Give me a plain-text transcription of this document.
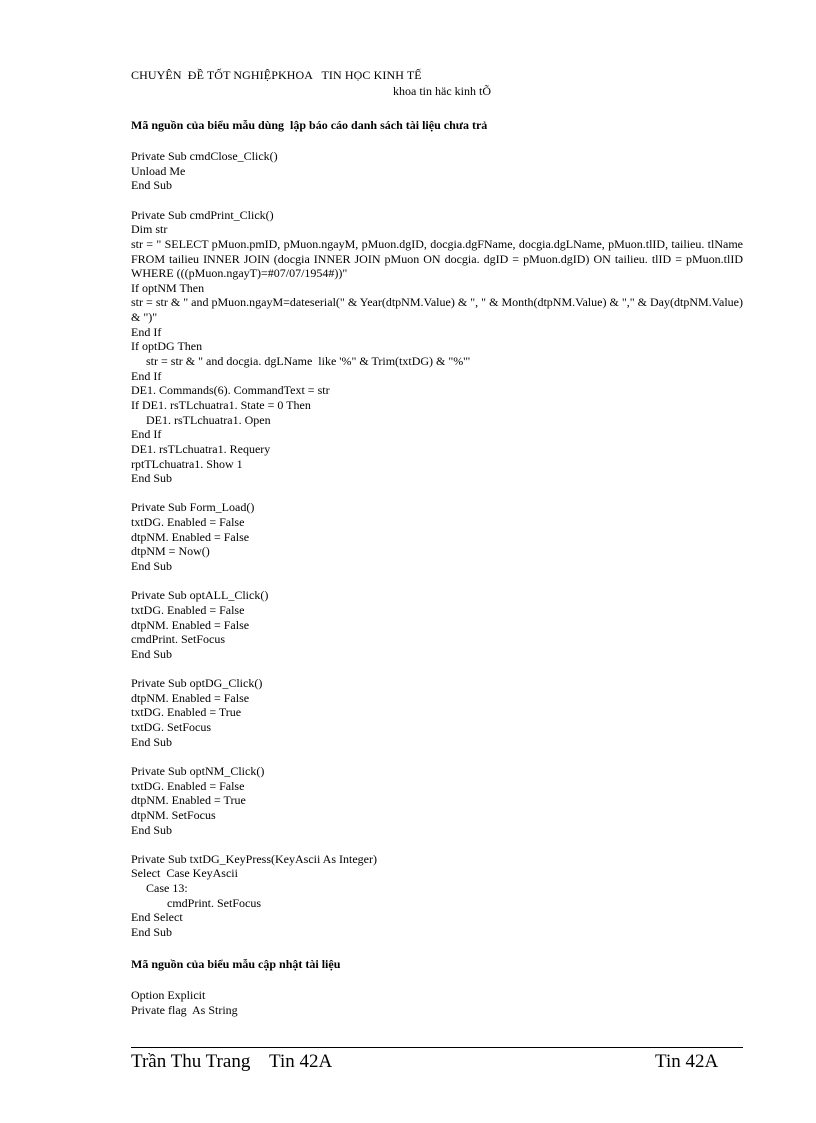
CHUYÊN  ĐỀ TỐT NGHIỆPKHOA   TIN HỌC KINH TẾ
khoa tin häc kinh tÕ
Mã nguồn của biểu mẫu dùng  lập báo cáo danh sách tài liệu chưa trả
Private Sub cmdClose_Click()
Unload Me
End Sub
Private Sub cmdPrint_Click()
Dim str
str = " SELECT pMuon.pmID, pMuon.ngayM, pMuon.dgID, docgia.dgFName, docgia.dgLName, pMuon.tlID, tailieu. tlName FROM tailieu INNER JOIN (docgia INNER JOIN pMuon ON docgia. dgID = pMuon.dgID) ON tailieu. tlID = pMuon.tlID WHERE (((pMuon.ngayT)=#07/07/1954#))"
If optNM Then
str = str & " and pMuon.ngayM=dateserial(" & Year(dtpNM.Value) & ", " & Month(dtpNM.Value) & "," & Day(dtpNM.Value) & ")"
End If
If optDG Then
str = str & " and docgia. dgLName  like '%" & Trim(txtDG) & "%'"
End If
DE1. Commands(6). CommandText = str
If DE1. rsTLchuatra1. State = 0 Then
DE1. rsTLchuatra1. Open
End If
DE1. rsTLchuatra1. Requery
rptTLchuatra1. Show 1
End Sub
Private Sub Form_Load()
txtDG. Enabled = False
dtpNM. Enabled = False
dtpNM = Now()
End Sub
Private Sub optALL_Click()
txtDG. Enabled = False
dtpNM. Enabled = False
cmdPrint. SetFocus
End Sub
Private Sub optDG_Click()
dtpNM. Enabled = False
txtDG. Enabled = True
txtDG. SetFocus
End Sub
Private Sub optNM_Click()
txtDG. Enabled = False
dtpNM. Enabled = True
dtpNM. SetFocus
End Sub
Private Sub txtDG_KeyPress(KeyAscii As Integer)
Select  Case KeyAscii
Case 13:
cmdPrint. SetFocus
End Select
End Sub
Mã nguồn của biểu mẫu cập nhật tài liệu
Option Explicit
Private flag  As String
Trần Thu Trang Tin 42A	Tin 42A
